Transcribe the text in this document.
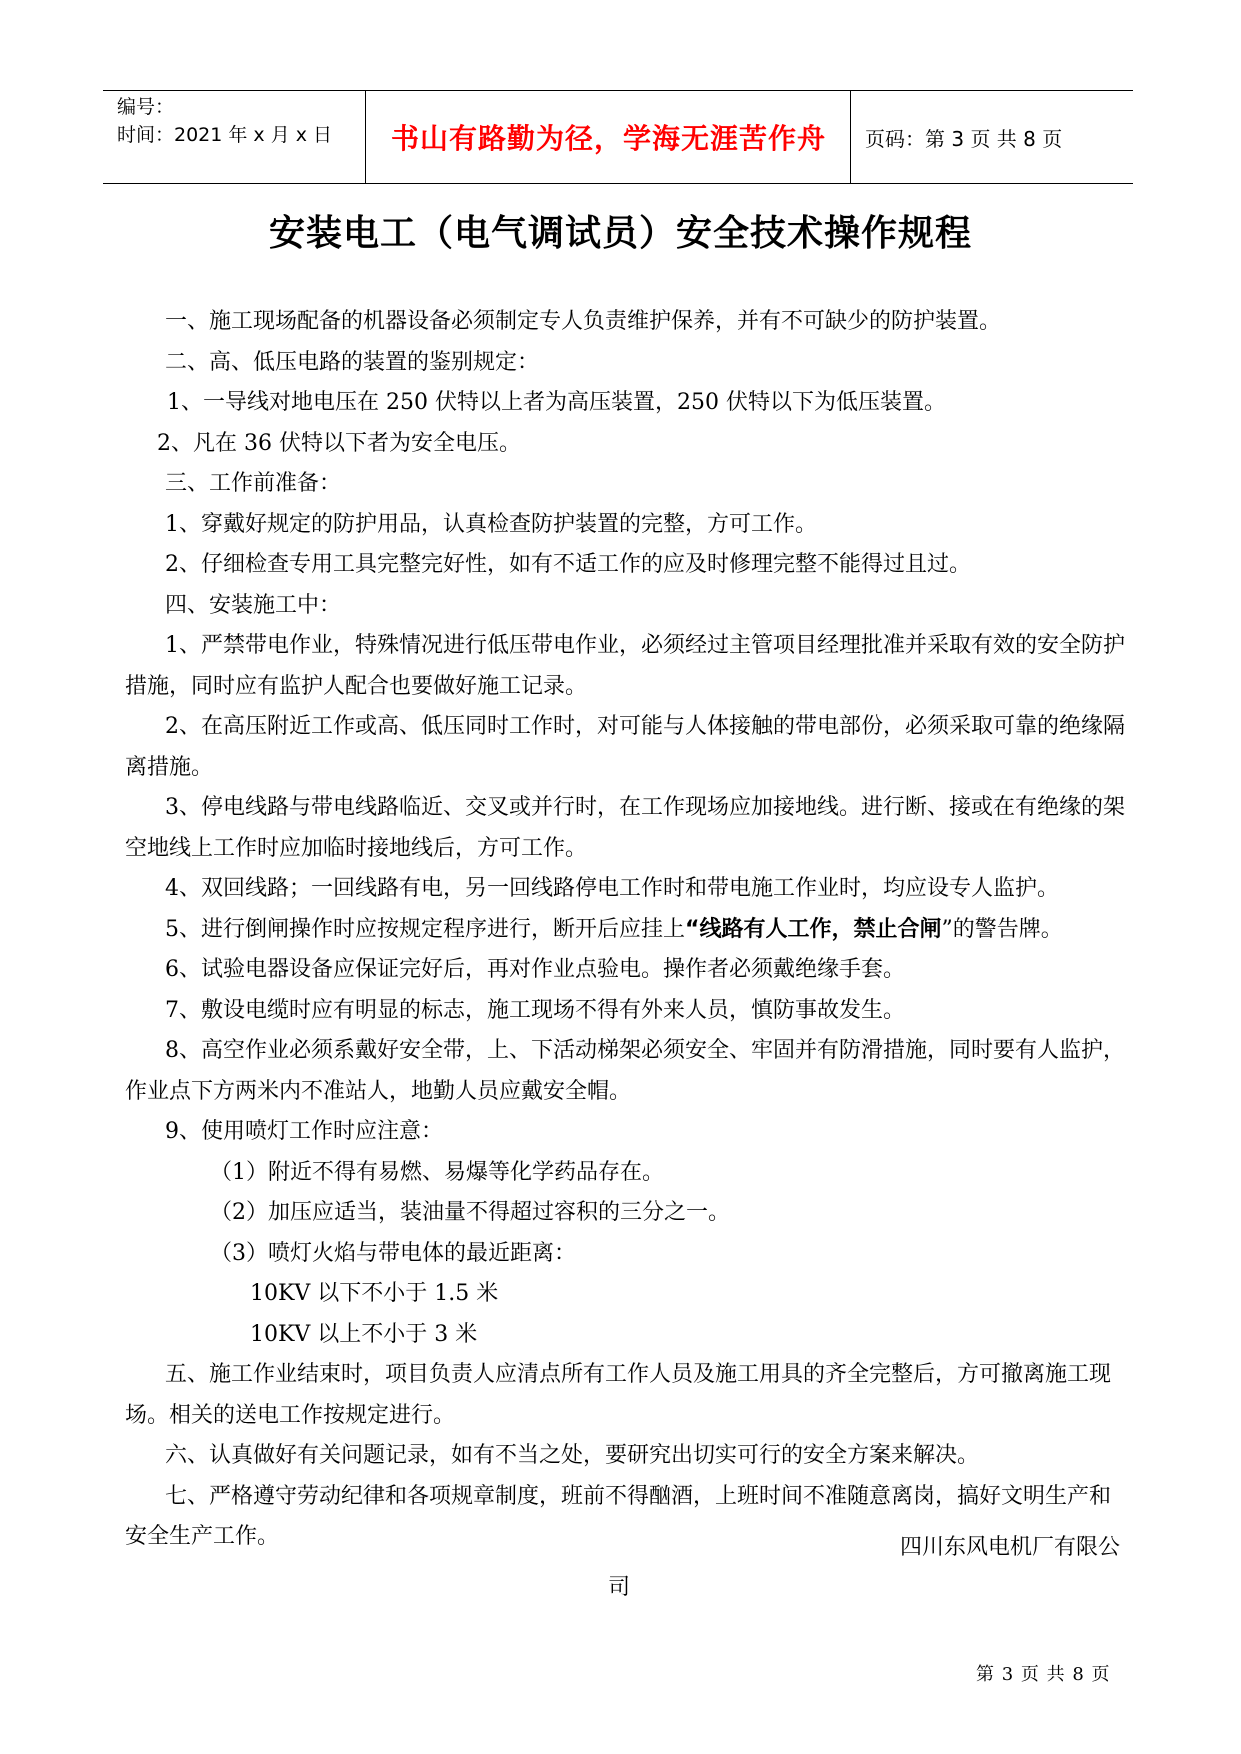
编号：
时间：2021 年 x 月 x 日	书山有路勤为径，学海无涯苦作舟	页码：第 3 页 共 8 页
安装电工（电气调试员）安全技术操作规程

一、施工现场配备的机器设备必须制定专人负责维护保养，并有不可缺少的防护装置。

二、高、低压电路的装置的鉴别规定：

1、一导线对地电压在 250 伏特以上者为高压装置，250 伏特以下为低压装置。

2、凡在 36 伏特以下者为安全电压。

三、工作前准备：

1、穿戴好规定的防护用品，认真检查防护装置的完整，方可工作。

2、仔细检查专用工具完整完好性，如有不适工作的应及时修理完整不能得过且过。

四、安装施工中：

1、严禁带电作业，特殊情况进行低压带电作业，必须经过主管项目经理批准并采取有效的安全防护措施，同时应有监护人配合也要做好施工记录。

2、在高压附近工作或高、低压同时工作时，对可能与人体接触的带电部份，必须采取可靠的绝缘隔离措施。

3、停电线路与带电线路临近、交叉或并行时，在工作现场应加接地线。进行断、接或在有绝缘的架空地线上工作时应加临时接地线后，方可工作。

4、双回线路；一回线路有电，另一回线路停电工作时和带电施工作业时，均应设专人监护。

5、进行倒闸操作时应按规定程序进行，断开后应挂上“线路有人工作，禁止合闸”的警告牌。

6、试验电器设备应保证完好后，再对作业点验电。操作者必须戴绝缘手套。

7、敷设电缆时应有明显的标志，施工现场不得有外来人员，慎防事故发生。

8、高空作业必须系戴好安全带，上、下活动梯架必须安全、牢固并有防滑措施，同时要有人监护，作业点下方两米内不准站人，地勤人员应戴安全帽。

9、使用喷灯工作时应注意：

（1）附近不得有易燃、易爆等化学药品存在。

（2）加压应适当，装油量不得超过容积的三分之一。

（3）喷灯火焰与带电体的最近距离：

10KV 以下不小于 1.5 米

10KV 以上不小于 3 米

五、施工作业结束时，项目负责人应清点所有工作人员及施工用具的齐全完整后，方可撤离施工现场。相关的送电工作按规定进行。

六、认真做好有关问题记录，如有不当之处，要研究出切实可行的安全方案来解决。

七、严格遵守劳动纪律和各项规章制度，班前不得酗酒，上班时间不准随意离岗，搞好文明生产和安全生产工作。	四川东风电机厂有限公
司
第 3 页 共 8 页
